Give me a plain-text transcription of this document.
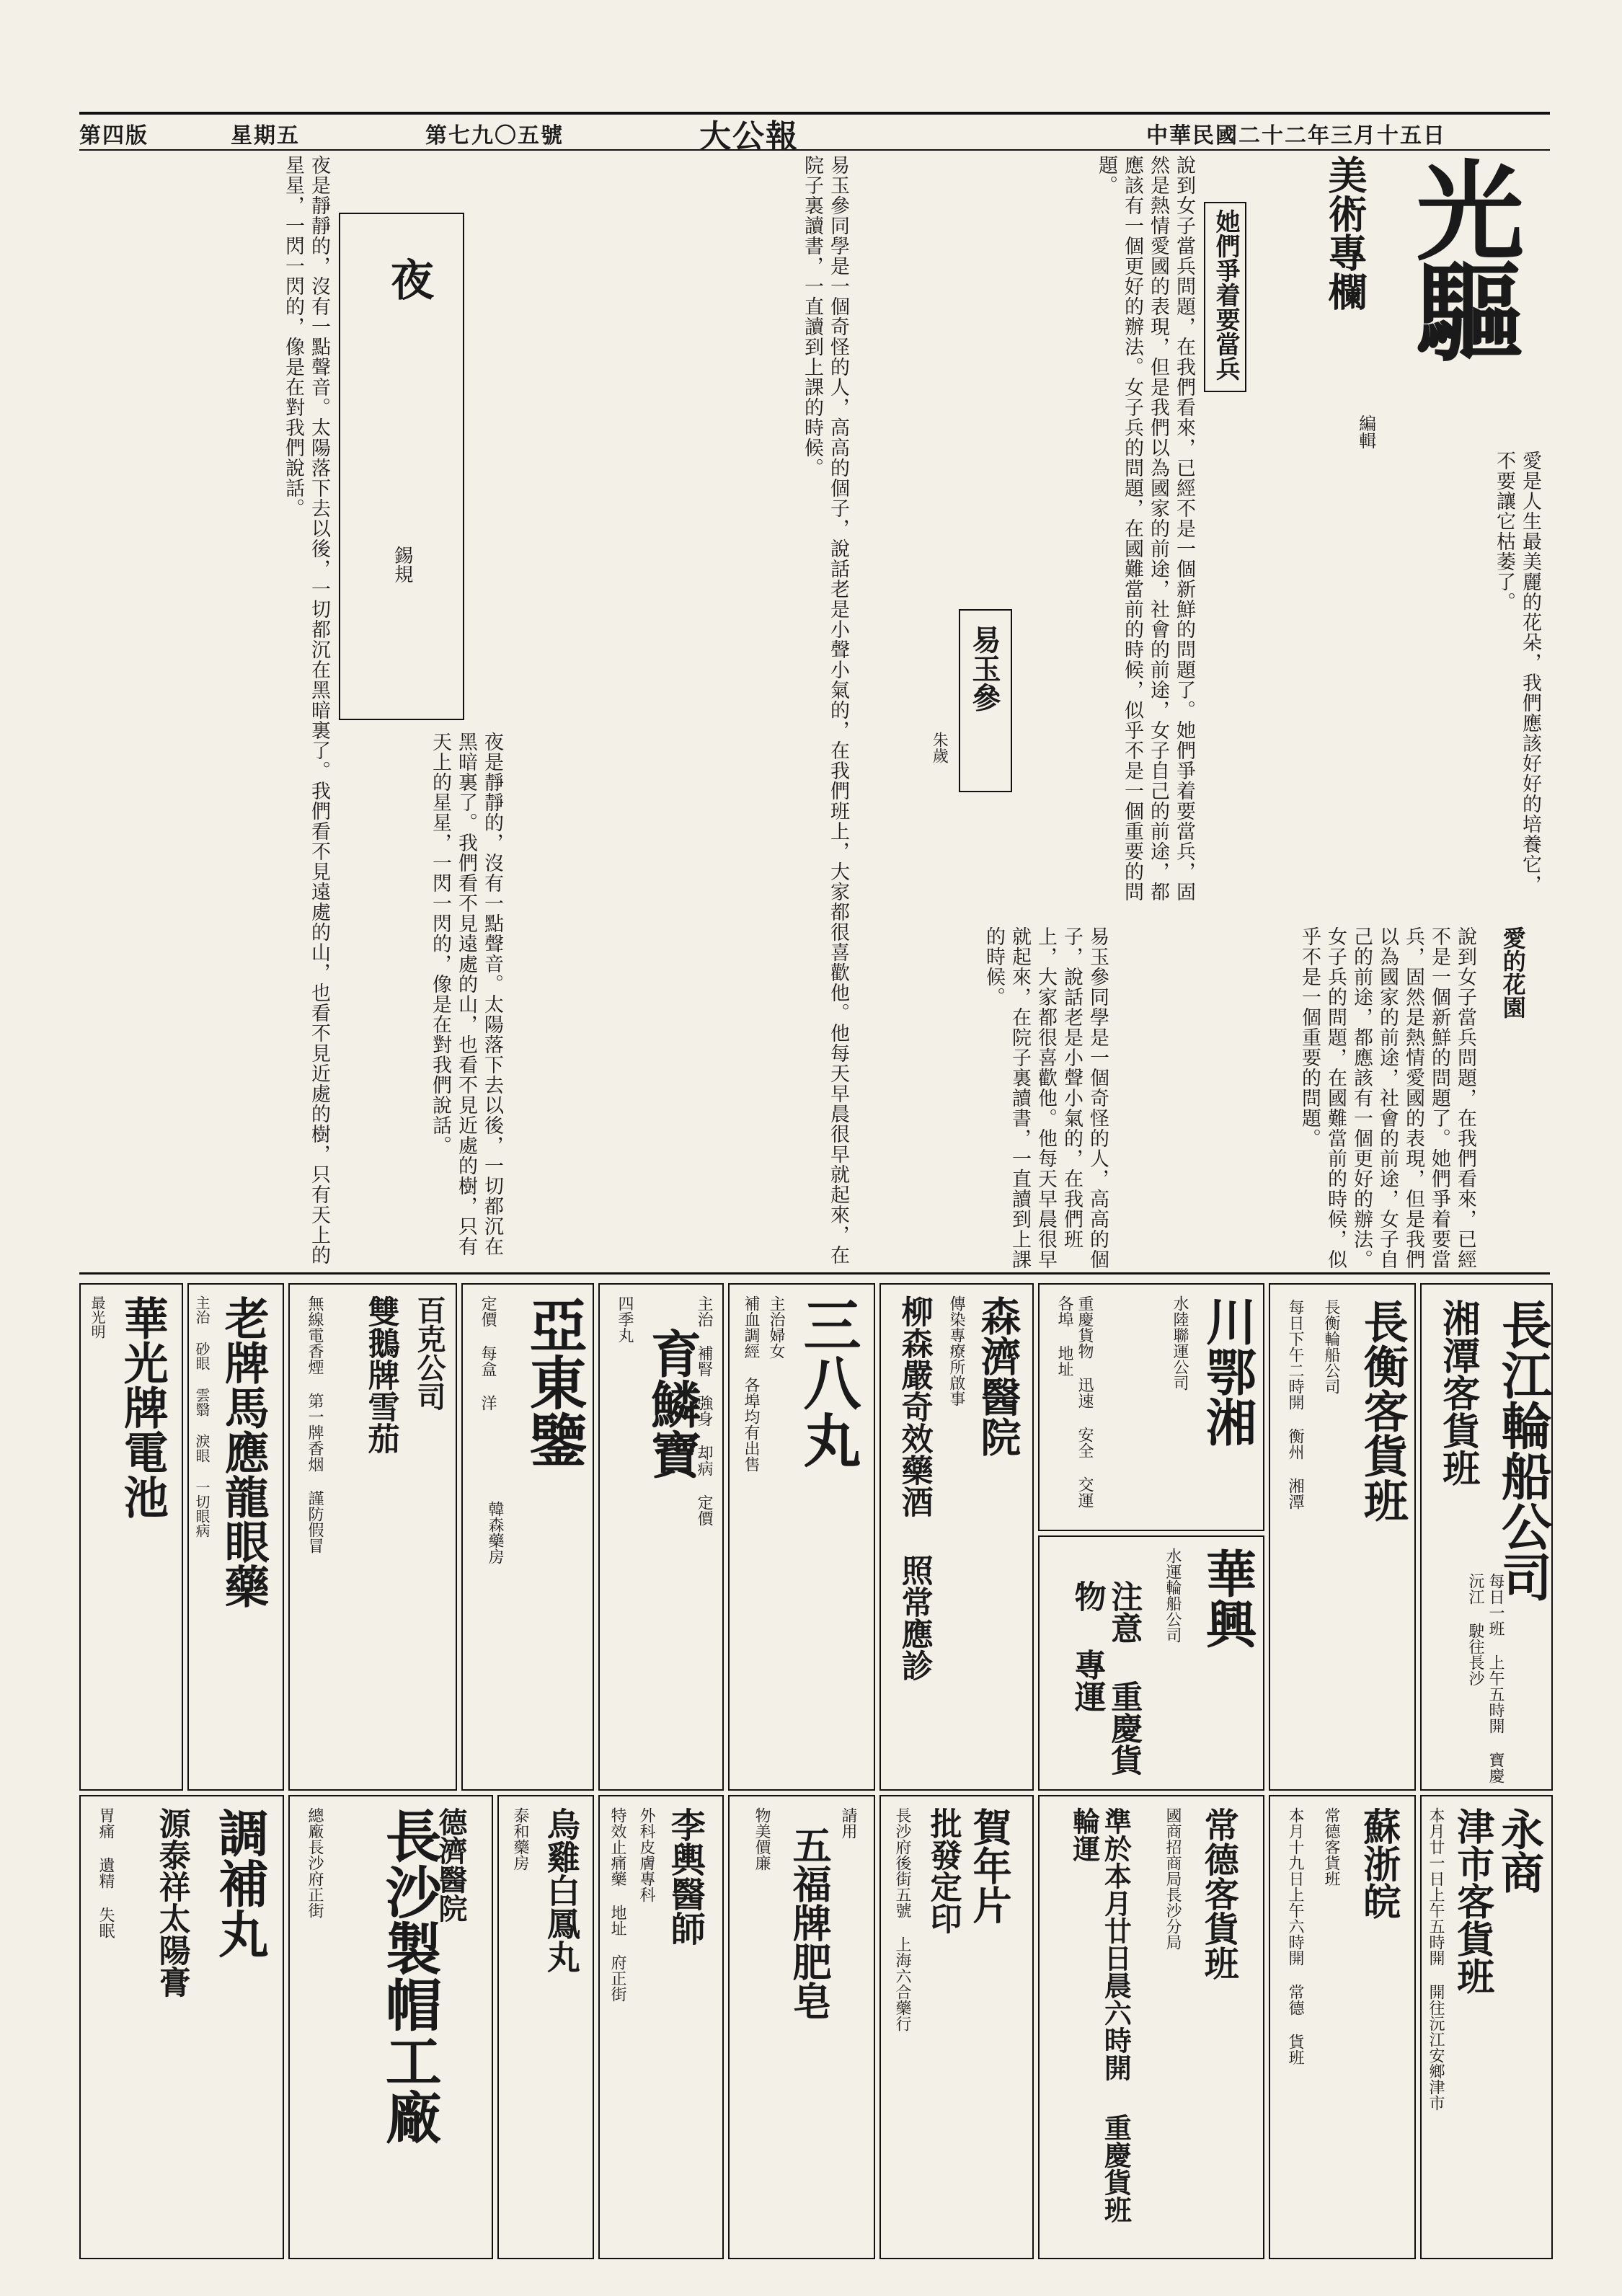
第四版	星期五	第七九〇五號	大公報	中華民國二十二年三月十五日
光驅
美術專欄
編輯
她們爭着要當兵
說到女子當兵問題，在我們看來，已經不是一個新鮮的問題了。她們爭着要當兵，固然是熱情愛國的表現，但是我們以為國家的前途，社會的前途，女子自己的前途，都應該有一個更好的辦法。女子兵的問題，在國難當前的時候，似乎不是一個重要的問題。
愛是人生最美麗的花朵，我們應該好好的培養它，不要讓它枯萎了。
愛的花園
說到女子當兵問題，在我們看來，已經不是一個新鮮的問題了。她們爭着要當兵，固然是熱情愛國的表現，但是我們以為國家的前途，社會的前途，女子自己的前途，都應該有一個更好的辦法。女子兵的問題，在國難當前的時候，似乎不是一個重要的問題。
易玉參
朱歲
易玉參同學是一個奇怪的人，高高的個子，說話老是小聲小氣的，在我們班上，大家都很喜歡他。他每天早晨很早就起來，在院子裏讀書，一直讀到上課的時候。
易玉參同學是一個奇怪的人，高高的個子，說話老是小聲小氣的，在我們班上，大家都很喜歡他。他每天早晨很早就起來，在院子裏讀書，一直讀到上課的時候。
夜
錫規
夜是靜靜的，沒有一點聲音。太陽落下去以後，一切都沉在黑暗裏了。我們看不見遠處的山，也看不見近處的樹，只有天上的星星，一閃一閃的，像是在對我們說話。
夜是靜靜的，沒有一點聲音。太陽落下去以後，一切都沉在黑暗裏了。我們看不見遠處的山，也看不見近處的樹，只有天上的星星，一閃一閃的，像是在對我們說話。
長江輪船公司
湘潭客貨班
每日一班 上午五時開 寶慶沅江 駛往長沙
長衡客貨班
長衡輪船公司
每日下午二時開 衡州 湘潭
川鄂湘
水陸聯運公司
重慶貨物 迅速 安全 交運 各埠 地址
華興
水運輪船公司
注意 重慶貨物 專運
森濟醫院
傳染專療所啟事
柳森嚴奇效藥酒 照常應診
三八丸
主治婦女
補血調經 各埠均有出售
育鱗寶
四季丸	主治 補腎 強身 却病 定價
亞東鑒
韓森藥房
定價 每盒 洋
百克公司
雙鵝牌雪茄
無線電香煙 第一牌香烟 謹防假冒
老牌馬應龍眼藥
主治 砂眼 雲翳 淚眼 一切眼病
華光牌電池
最光明
永商
津市客貨班
本月廿一日上午五時開 開往沅江安鄉津市
蘇浙皖
常德客貨班
本月十九日上午六時開 常德 貨班
常德客貨班
國商招商局長沙分局
準於本月廿日晨六時開 重慶貨班 輪運
賀年片
批發定印
長沙府後街五號 上海六合藥行
五福牌肥皂
物美價廉	請用
李輿醫師
外科皮膚專科
特效止痛藥 地址 府正街
烏雞白鳳丸
泰和藥房
長沙製帽工廠
德濟醫院
總廠長沙府正街
調補丸
源泰祥太陽膏
胃痛 遺精 失眠
